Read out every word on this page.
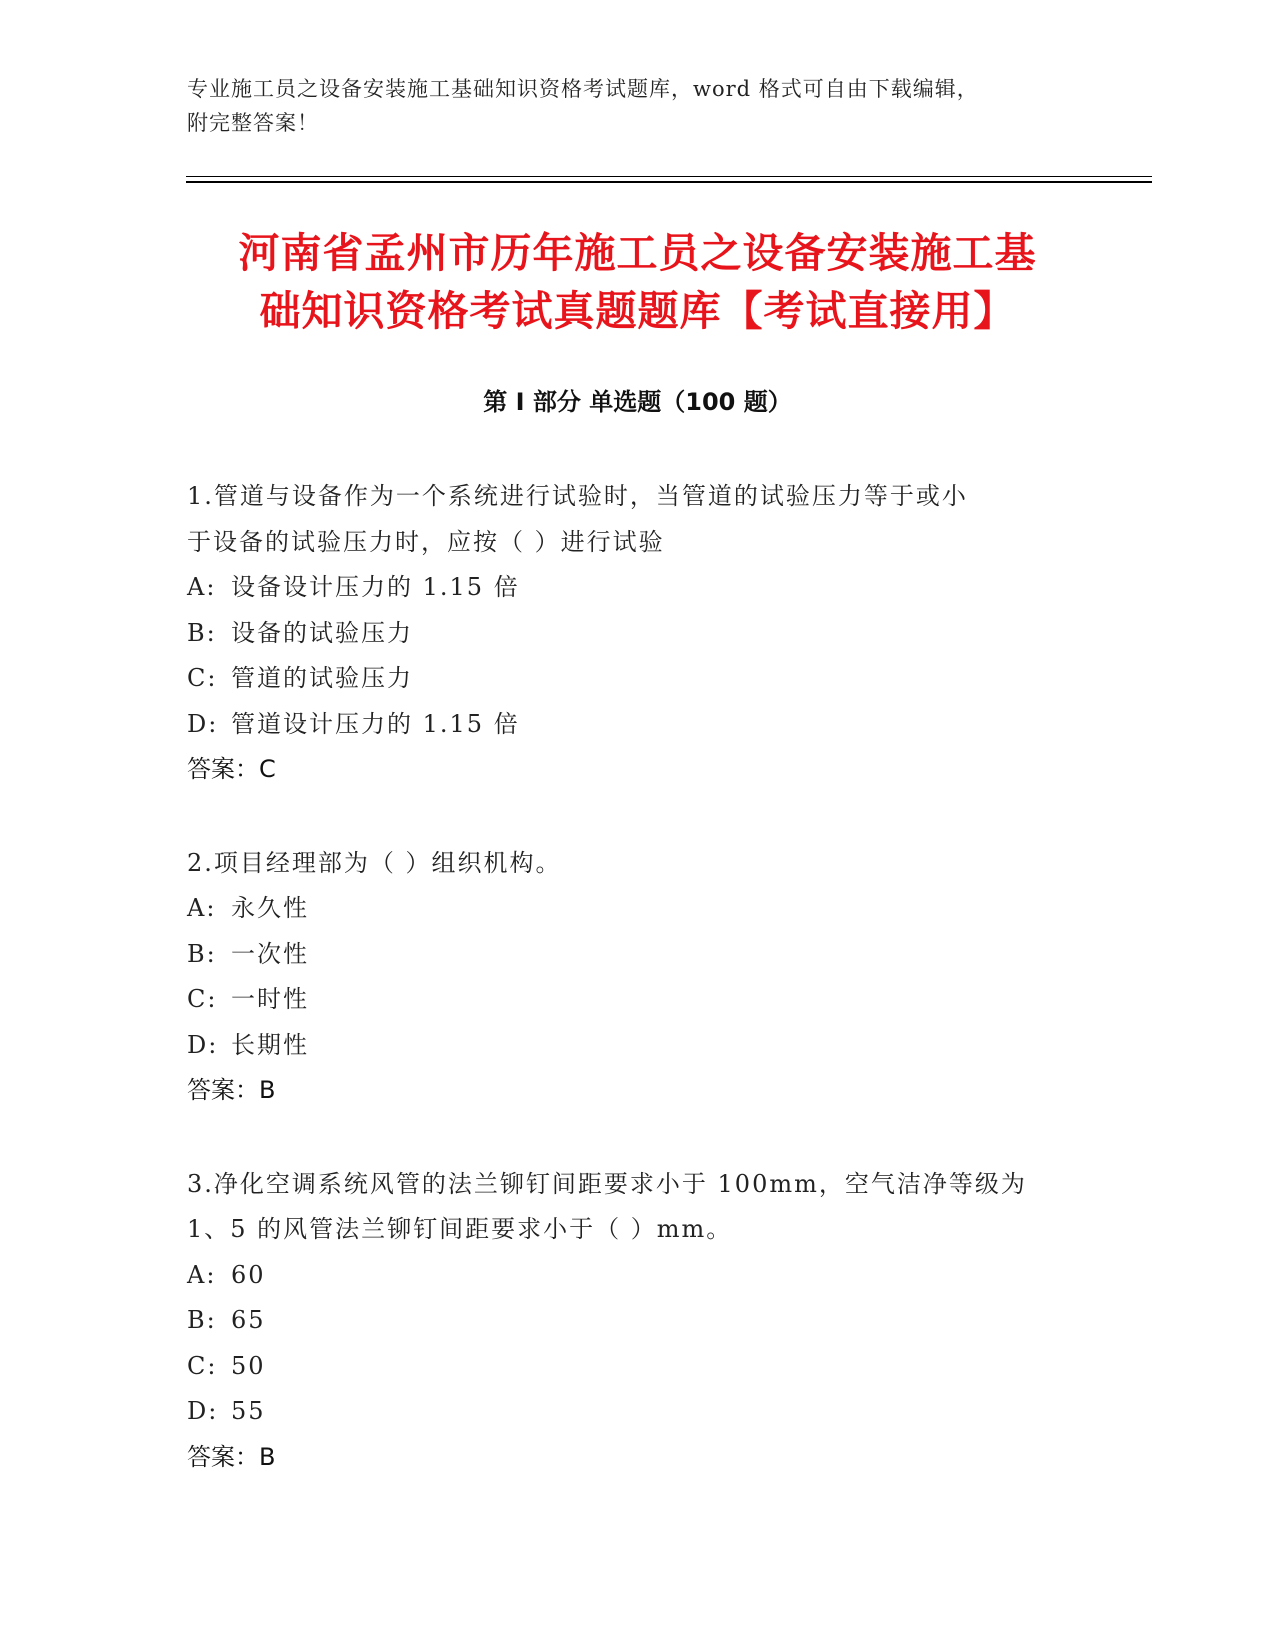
专业施工员之设备安装施工基础知识资格考试题库，word 格式可自由下载编辑，
附完整答案！
河南省孟州市历年施工员之设备安装施工基
础知识资格考试真题题库【考试直接用】
第 I 部分 单选题（100 题）

1.管道与设备作为一个系统进行试验时，当管道的试验压力等于或小

于设备的试验压力时，应按（ ）进行试验

A: 设备设计压力的 1.15 倍

B: 设备的试验压力

C: 管道的试验压力

D: 管道设计压力的 1.15 倍

答案：C

2.项目经理部为（ ）组织机构。

A: 永久性

B: 一次性

C: 一时性

D: 长期性

答案：B

3.净化空调系统风管的法兰铆钉间距要求小于 100mm，空气洁净等级为

1、5 的风管法兰铆钉间距要求小于（ ）mm。

A: 60

B: 65

C: 50

D: 55

答案：B
